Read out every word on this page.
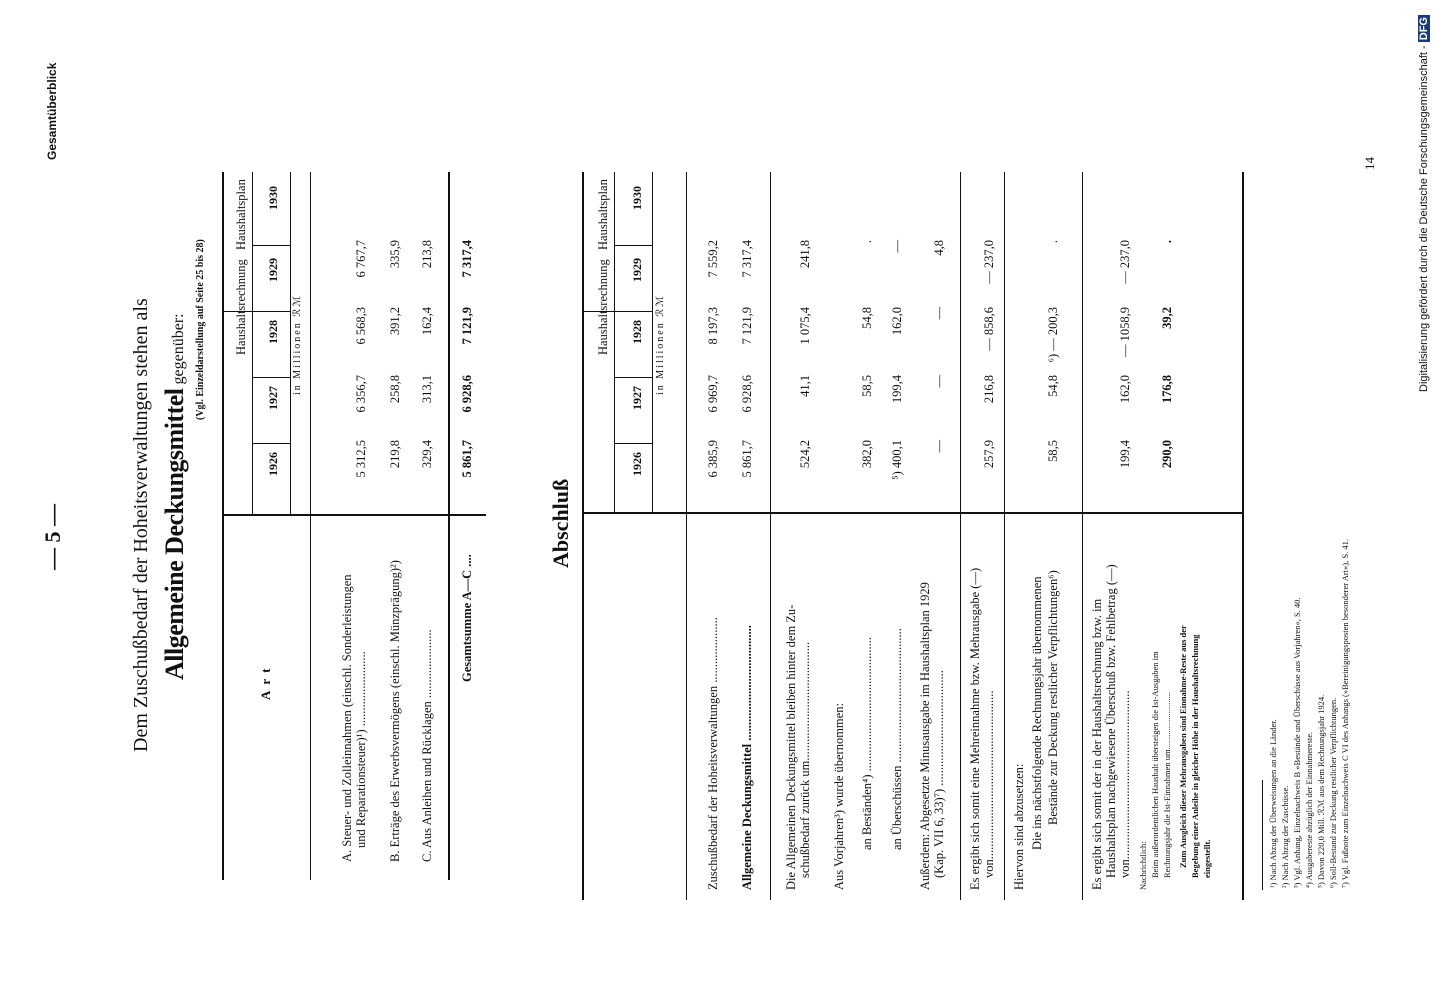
— 5 —
Gesamtüberblick
Dem Zuschußbedarf der Hoheitsverwaltungen stehen als Allgemeine Deckungsmittel gegenüber: (Vgl. Einzeldarstellung auf Seite 25 bis 28)
Art
Haushaltsrechnung
Haushaltsplan
1926
1927
1928
1929
1930
in Millionen ℛℳ
A. Steuer- und Zolleinnahmen (einschl. Sonderleistungen und Reparationsteuer)¹) ........................
5 312,5
6 356,7
6 568,3
6 767,7
B. Erträge des Erwerbsvermögens (einschl. Münzprägung)²)
219,8
258,8
391,2
335,9
C. Aus Anleihen und Rücklagen ......................
329,4
313,1
162,4
213,8
Gesamtsumme A—C ....
5 861,7
6 928,6
7 121,9
7 317,4
Abschluß
Haushaltsrechnung
Haushaltsplan
1926
1927
1928
1929
1930
in Millionen ℛℳ
Zuschußbedarf der Hoheitsverwaltungen .....................
6 385,9
6 969,7
8 197,3
7 559,2
Allgemeine Deckungsmittel .....................................
5 861,7
6 928,6
7 121,9
7 317,4
Die Allgemeinen Deckungsmittel bleiben hinter dem Zu- schußbedarf zurück um......................................
524,2
41,1
1 075,4
241,8
Aus Vorjahren³) wurde übernommen: an Beständen⁴) ...........................................
382,0
58,5
54,8
.
an Überschüssen ...........................................
⁵) 400,1
199,4
162,0
—
Außerdem: Abgesetzte Minusausgabe im Haushaltsplan 1929 (Kap. VII 6, 33)⁷) .....................................
—
—
—
4,8
Es ergibt sich somit eine Mehreinnahme bzw. Mehrausgabe (—) von......................................................
257,9
216,8
— 858,6
— 237,0
Hiervon sind abzusetzen: Die ins nächstfolgende Rechnungsjahr übernommenen Bestände zur Deckung restlicher Verpflichtungen⁶)
58,5
54,8
⁶) — 200,3
.
Es ergibt sich somit der in der Haushaltsrechnung bzw. im Haushaltsplan nachgewiesene Überschuß bzw. Fehlbetrag (—) von......................................................
199,4
162,0
— 1058,9
— 237,0
Nachrichtlich: Beim außerordentlichen Haushalt übersteigen die Ist-Ausgaben im Rechnungsjahr die Ist-Einnahmen um...........................
290,0
176,8
39,2
.
Zum Ausgleich dieser Mehrausgaben sind Einnahme-Reste aus der Begebung einer Anleihe in gleicher Höhe in der Haushaltsrechnung eingestellt.	¹) Nach Abzug der Überweisungen an die Länder. ²) Nach Abzug der Zuschüsse. ³) Vgl. Anhang, Einzelnachweis B »Bestände und Überschüsse aus Vorjahren«, S. 40. ⁴) Ausgabereste abzüglich der Einnahmereste. ⁵) Davon 220,0 Mill. ℛℳ aus dem Rechnungsjahr 1924. ⁶) Soll-Bestand zur Deckung restlicher Verpflichtungen. ⁷) Vgl. Fußnote zum Einzelnachweis C VI des Anhangs (»Bereinigungsposten besonderer Art«), S. 41.
14	Digitalisierung gefördert durch die Deutsche Forschungsgemeinschaft - DFG
